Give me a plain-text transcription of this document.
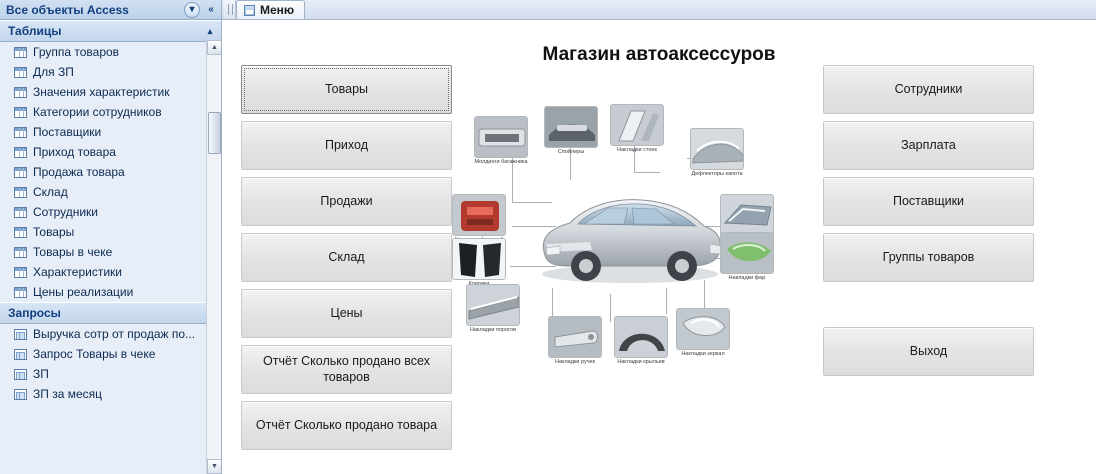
Все объекты Access	▾	«
Таблицы	▴
Группа товаров
Для ЗП
Значения характеристик
Категории сотрудников
Поставщики
Приход товара
Продажа товара
Склад
Сотрудники
Товары
Товары в чеке
Характеристики
Цены реализации
Запросы
Выручка сотр от продаж по...
Запрос Товары в чеке
ЗП
ЗП за месяц
▲
▼
Меню
Магазин автоаксессуров
Товары
Приход
Продажи
Склад
Цены
Отчёт Сколько продано всех товаров
Отчёт Сколько продано товара
Молдинги багажника
Спойлеры	Накладки стоек
Дефлекторы капота
Накладки фар
Накладки порогов
Накладки ручек	Накладки крыльев
Накладки зеркал
Сотрудники
Зарплата
Поставщики
Группы товаров
Выход
